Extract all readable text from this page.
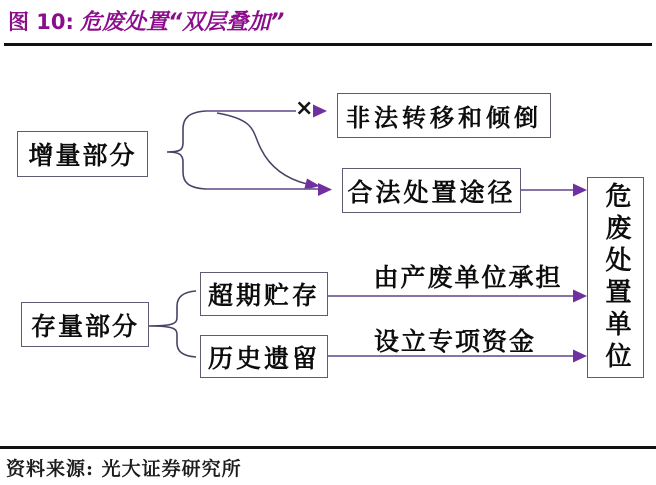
图 10: 危废处置“双层叠加”
增量部分
×	非法转移和倾倒
合法处置途径
存量部分
超期贮存
历史遗留	危废处置单位
由产废单位承担
设立专项资金
资料来源: 光大证券研究所
